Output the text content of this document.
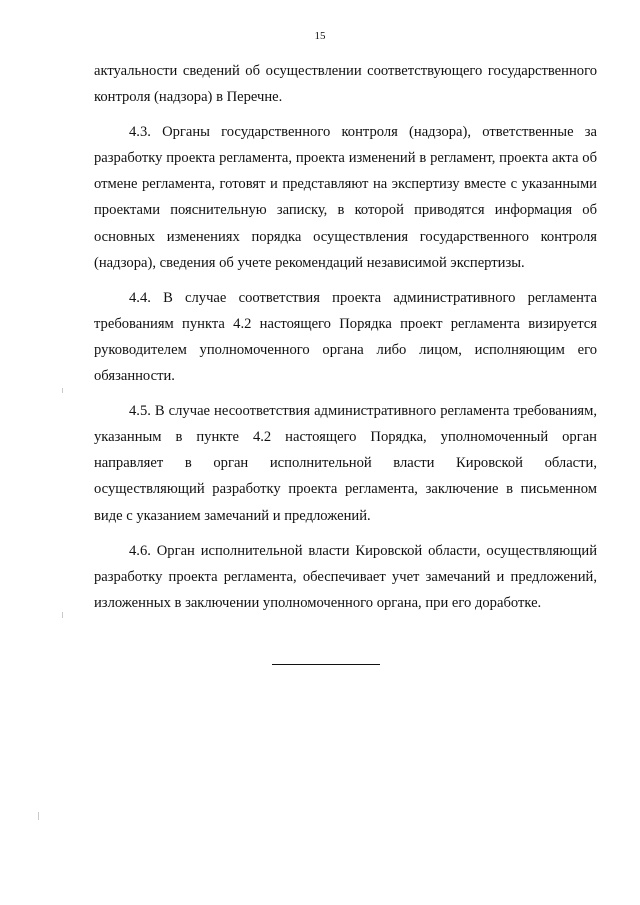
15

актуальности сведений об осуществлении соответствующего государственного контроля (надзора) в Перечне.

4.3. Органы государственного контроля (надзора), ответственные за разработку проекта регламента, проекта изменений в регламент, проекта акта об отмене регламента, готовят и представляют на экспертизу вместе с указанными проектами пояснительную записку, в которой приводятся информация об основных изменениях порядка осуществления государственного контроля (надзора), сведения об учете рекомендаций независимой экспертизы.

4.4. В случае соответствия проекта административного регламента требованиям пункта 4.2 настоящего Порядка проект регламента визируется руководителем уполномоченного органа либо лицом, исполняющим его обязанности.

4.5. В случае несоответствия административного регламента требованиям, указанным в пункте 4.2 настоящего Порядка, уполномоченный орган направляет в орган исполнительной власти Кировской области, осуществляющий разработку проекта регламента, заключение в письменном виде с указанием замечаний и предложений.

4.6. Орган исполнительной власти Кировской области, осуществляющий разработку проекта регламента, обеспечивает учет замечаний и предложений, изложенных в заключении уполномоченного органа, при его доработке.
